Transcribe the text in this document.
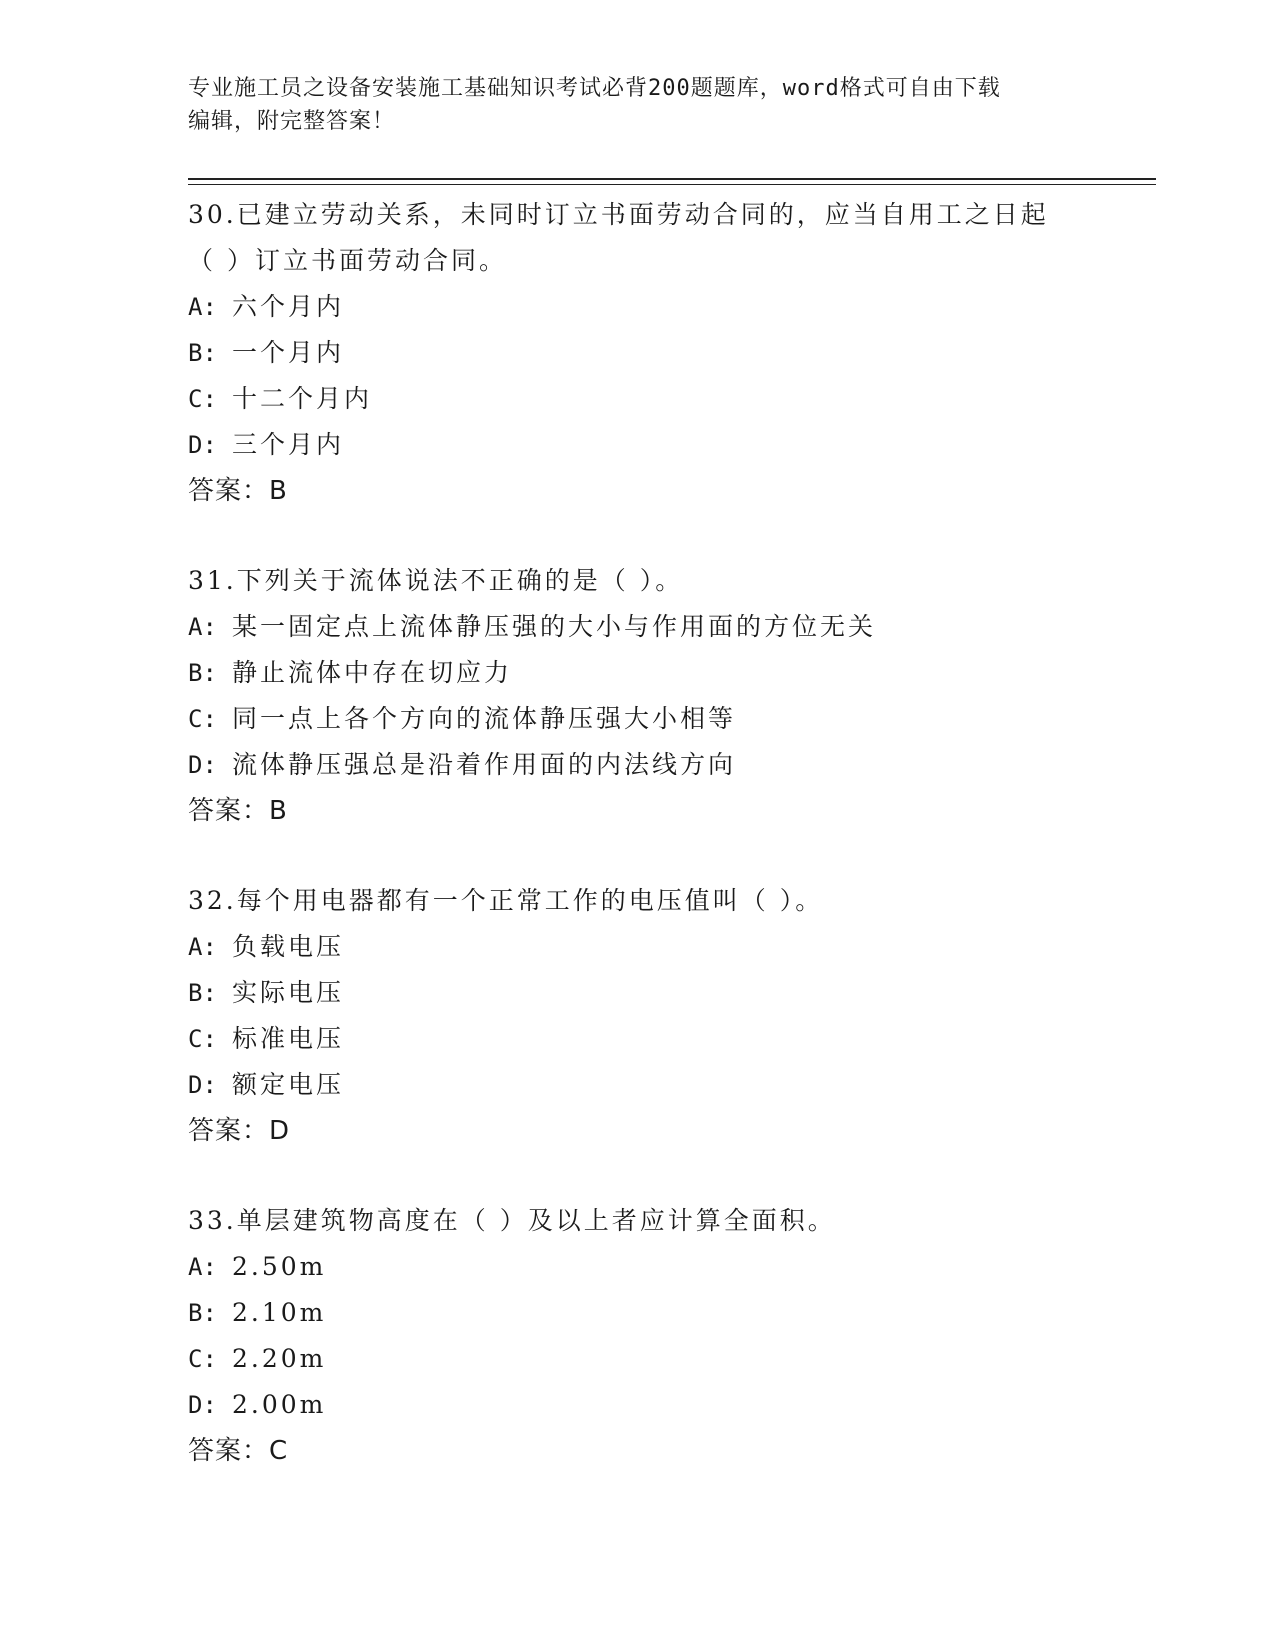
专业施工员之设备安装施工基础知识考试必背200题题库，word格式可自由下载
编辑，附完整答案！
30.已建立劳动关系，未同时订立书面劳动合同的，应当自用工之日起
（ ）订立书面劳动合同。
A: 六个月内
B: 一个月内
C: 十二个月内
D: 三个月内
答案：B
31.下列关于流体说法不正确的是（ ）。
A: 某一固定点上流体静压强的大小与作用面的方位无关
B: 静止流体中存在切应力
C: 同一点上各个方向的流体静压强大小相等
D: 流体静压强总是沿着作用面的内法线方向
答案：B
32.每个用电器都有一个正常工作的电压值叫（ ）。
A: 负载电压
B: 实际电压
C: 标准电压
D: 额定电压
答案：D
33.单层建筑物高度在（ ）及以上者应计算全面积。
A: 2.50m
B: 2.10m
C: 2.20m
D: 2.00m
答案：C
